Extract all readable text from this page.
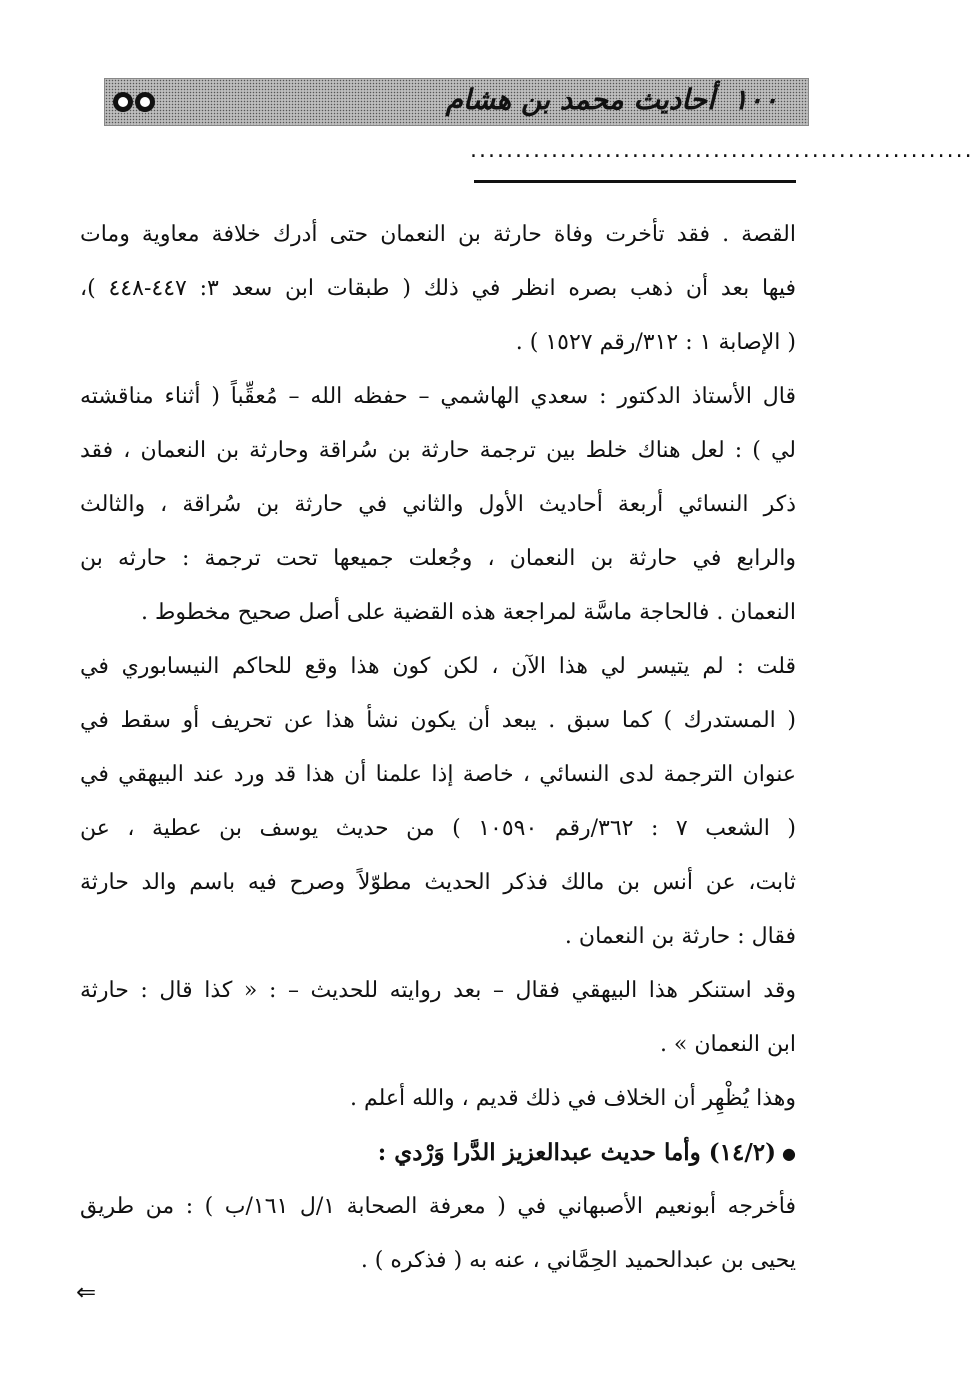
١٠٠أحاديث محمد بن هشام
........................................................
القصة . فقد تأخرت وفاة حارثة بن النعمان حتى أدرك خلافة معاوية ومات
فيها بعد أن ذهب بصره انظر في ذلك ( طبقات ابن سعد ٣: ٤٤٧-٤٤٨ )،
( الإصابة ١ : ٣١٢/رقم ١٥٢٧ ) .
قال الأستاذ الدكتور : سعدي الهاشمي – حفظه الله – مُعقِّباً ( أثناء مناقشته
لي ) : لعل هناك خلط بين ترجمة حارثة بن سُراقة وحارثة بن النعمان ، فقد
ذكر النسائي أربعة أحاديث الأول والثاني في حارثة بن سُراقة ، والثالث
والرابع في حارثة بن النعمان ، وجُعلت جميعها تحت ترجمة : حارثه بن
النعمان . فالحاجة ماسَّة لمراجعة هذه القضية على أصل صحيح مخطوط .
قلت : لم يتيسر لي هذا الآن ، لكن كون هذا وقع للحاكم النيسابوري في
( المستدرك ) كما سبق . يبعد أن يكون نشأ هذا عن تحريف أو سقط في
عنوان الترجمة لدى النسائي ، خاصة إذا علمنا أن هذا قد ورد عند البيهقي في
( الشعب ٧ : ٣٦٢/رقم ١٠٥٩٠ ) من حديث يوسف بن عطية ، عن
ثابت، عن أنس بن مالك فذكر الحديث مطوّلاً وصرح فيه باسم والد حارثة
فقال : حارثة بن النعمان .
وقد استنكر هذا البيهقي فقال – بعد روايته للحديث – : « كذا قال : حارثة
ابن النعمان » .
وهذا يُظْهِر أن الخلاف في ذلك قديم ، والله أعلم .
●(١٤/٢) وأما حديث عبدالعزيز الدَّرا وَرْدي :
فأخرجه أبونعيم الأصبهاني في ( معرفة الصحابة ١/ل ١٦١/ب ) : من طريق
يحيى بن عبدالحميد الحِمَّاني ، عنه به ( فذكره ) .
⇐
